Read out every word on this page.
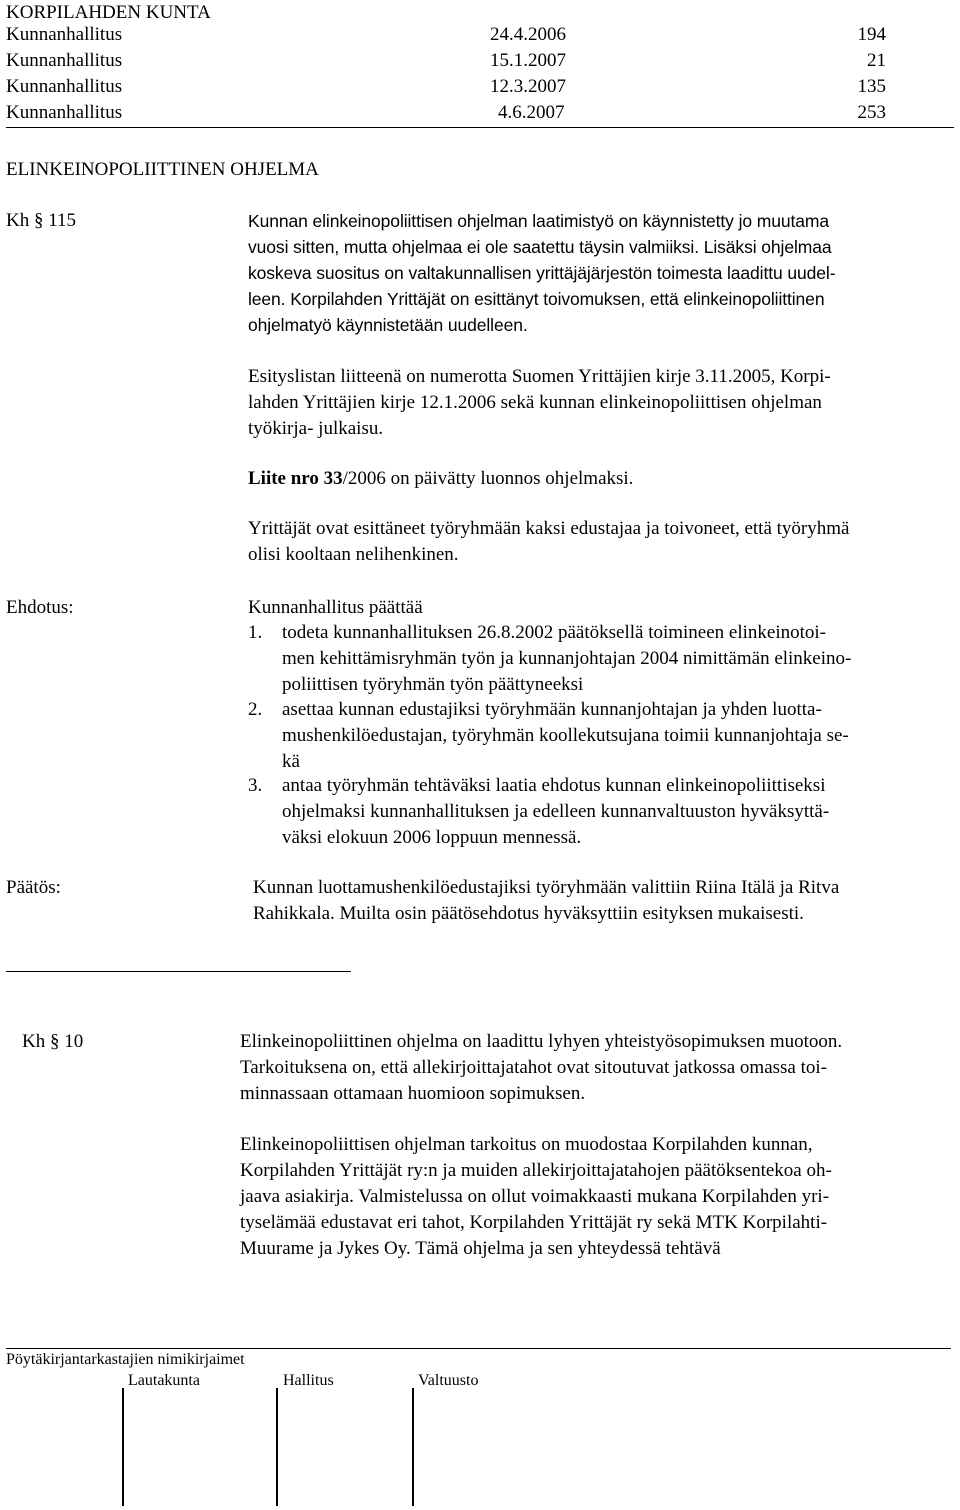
KORPILAHDEN KUNTA
Kunnanhallitus	24.4.2006	194
Kunnanhallitus	15.1.2007	21
Kunnanhallitus	12.3.2007	135
Kunnanhallitus	4.6.2007	253
ELINKEINOPOLIITTINEN OHJELMA
Kh § 115	Kunnan elinkeinopoliittisen ohjelman laatimistyö on käynnistetty jo muutama
vuosi sitten, mutta ohjelmaa ei ole saatettu täysin valmiiksi. Lisäksi ohjelmaa
koskeva suositus on valtakunnallisen yrittäjäjärjestön toimesta laadittu uudel-
leen. Korpilahden Yrittäjät on esittänyt toivomuksen, että elinkeinopoliittinen
ohjelmatyö käynnistetään uudelleen.
Esityslistan liitteenä on numerotta Suomen Yrittäjien kirje 3.11.2005, Korpi-
lahden Yrittäjien kirje 12.1.2006 sekä kunnan elinkeinopoliittisen ohjelman
työkirja- julkaisu.
Liite nro 33/2006 on päivätty luonnos ohjelmaksi.
Yrittäjät ovat esittäneet työryhmään kaksi edustajaa ja toivoneet, että työryhmä
olisi kooltaan nelihenkinen.
Ehdotus:	Kunnanhallitus päättää
1. todeta kunnanhallituksen 26.8.2002 päätöksellä toimineen elinkeinotoi-
men kehittämisryhmän työn ja kunnanjohtajan 2004 nimittämän elinkeino-
poliittisen työryhmän työn päättyneeksi
2. asettaa kunnan edustajiksi työryhmään kunnanjohtajan ja yhden luotta-
mushenkilöedustajan, työryhmän koollekutsujana toimii kunnanjohtaja se-
kä
3. antaa työryhmän tehtäväksi laatia ehdotus kunnan elinkeinopoliittiseksi
ohjelmaksi kunnanhallituksen ja edelleen kunnanvaltuuston hyväksyttä-
väksi elokuun 2006 loppuun mennessä.
Päätös:	Kunnan luottamushenkilöedustajiksi työryhmään valittiin Riina Itälä ja Ritva
Rahikkala. Muilta osin päätösehdotus hyväksyttiin esityksen mukaisesti.
Kh § 10	Elinkeinopoliittinen ohjelma on laadittu lyhyen yhteistyösopimuksen muotoon.
Tarkoituksena on, että allekirjoittajatahot ovat sitoutuvat jatkossa omassa toi-
minnassaan ottamaan huomioon sopimuksen.
Elinkeinopoliittisen ohjelman tarkoitus on muodostaa Korpilahden kunnan,
Korpilahden Yrittäjät ry:n ja muiden allekirjoittajatahojen päätöksentekoa oh-
jaava asiakirja. Valmistelussa on ollut voimakkaasti mukana Korpilahden yri-
tyselämää edustavat eri tahot, Korpilahden Yrittäjät ry sekä MTK Korpilahti-
Muurame ja Jykes Oy. Tämä ohjelma ja sen yhteydessä tehtävä
Pöytäkirjantarkastajien nimikirjaimet
Lautakunta	Hallitus	Valtuusto
